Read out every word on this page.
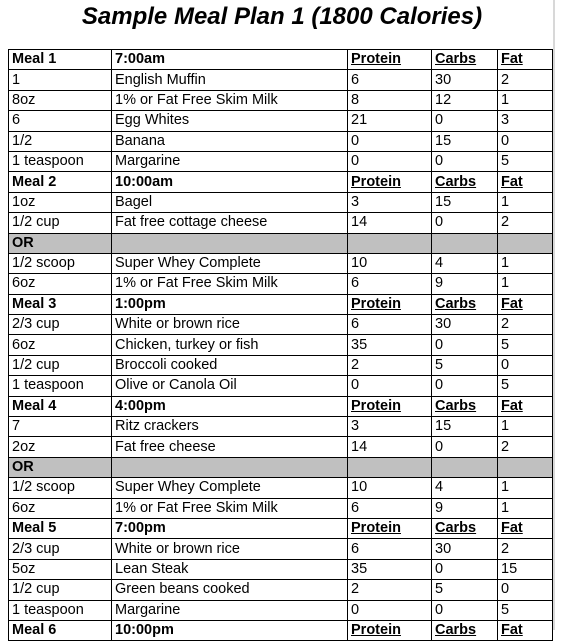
Sample Meal Plan 1 (1800 Calories)
Meal 1	7:00am	Protein	Carbs	Fat
1	English Muffin	6	30	2
8oz	1% or Fat Free Skim Milk	8	12	1
6	Egg Whites	21	0	3
1/2	Banana	0	15	0
1 teaspoon	Margarine	0	0	5
Meal 2	10:00am	Protein	Carbs	Fat
1oz	Bagel	3	15	1
1/2 cup	Fat free cottage cheese	14	0	2
OR				
1/2 scoop	Super Whey Complete	10	4	1
6oz	1% or Fat Free Skim Milk	6	9	1
Meal 3	1:00pm	Protein	Carbs	Fat
2/3 cup	White or brown rice	6	30	2
6oz	Chicken, turkey or fish	35	0	5
1/2 cup	Broccoli cooked	2	5	0
1 teaspoon	Olive or Canola Oil	0	0	5
Meal 4	4:00pm	Protein	Carbs	Fat
7	Ritz crackers	3	15	1
2oz	Fat free cheese	14	0	2
OR				
1/2 scoop	Super Whey Complete	10	4	1
6oz	1% or Fat Free Skim Milk	6	9	1
Meal 5	7:00pm	Protein	Carbs	Fat
2/3 cup	White or brown rice	6	30	2
5oz	Lean Steak	35	0	15
1/2 cup	Green beans cooked	2	5	0
1 teaspoon	Margarine	0	0	5
Meal 6	10:00pm	Protein	Carbs	Fat
